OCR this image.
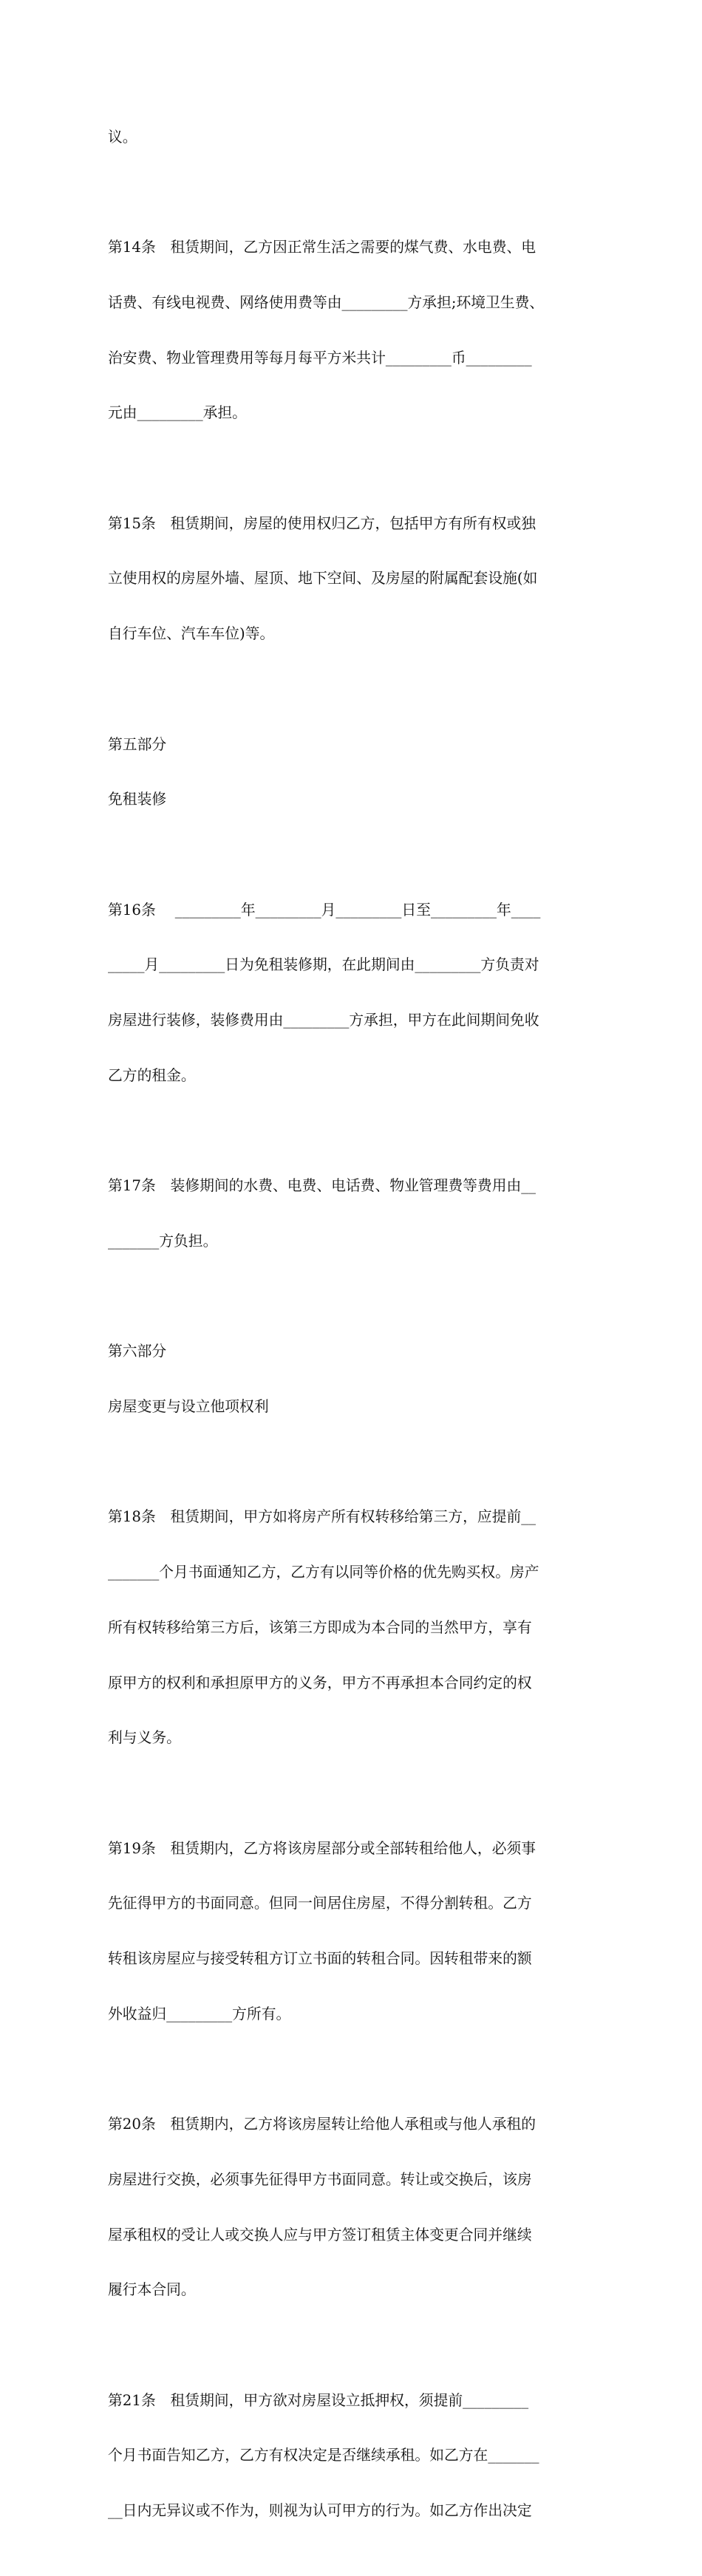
议。

第14条　租赁期间，乙方因正常生活之需要的煤气费、水电费、电

话费、有线电视费、网络使用费等由_________方承担;环境卫生费、

治安费、物业管理费用等每月每平方米共计_________币_________

元由_________承担。

第15条　租赁期间，房屋的使用权归乙方，包括甲方有所有权或独

立使用权的房屋外墙、屋顶、地下空间、及房屋的附属配套设施(如

自行车位、汽车车位)等。

第五部分

免租装修

第16条　 _________年_________月_________日至_________年____

_____月_________日为免租装修期，在此期间由_________方负责对

房屋进行装修，装修费用由_________方承担，甲方在此间期间免收

乙方的租金。

第17条　装修期间的水费、电费、电话费、物业管理费等费用由__

_______方负担。

第六部分

房屋变更与设立他项权利

第18条　租赁期间，甲方如将房产所有权转移给第三方，应提前__

_______个月书面通知乙方，乙方有以同等价格的优先购买权。房产

所有权转移给第三方后，该第三方即成为本合同的当然甲方，享有

原甲方的权利和承担原甲方的义务，甲方不再承担本合同约定的权

利与义务。

第19条　租赁期内，乙方将该房屋部分或全部转租给他人，必须事

先征得甲方的书面同意。但同一间居住房屋，不得分割转租。乙方

转租该房屋应与接受转租方订立书面的转租合同。因转租带来的额

外收益归_________方所有。

第20条　租赁期内，乙方将该房屋转让给他人承租或与他人承租的

房屋进行交换，必须事先征得甲方书面同意。转让或交换后，该房

屋承租权的受让人或交换人应与甲方签订租赁主体变更合同并继续

履行本合同。

第21条　租赁期间，甲方欲对房屋设立抵押权，须提前_________

个月书面告知乙方，乙方有权决定是否继续承租。如乙方在_______

__日内无异议或不作为，则视为认可甲方的行为。如乙方作出决定
